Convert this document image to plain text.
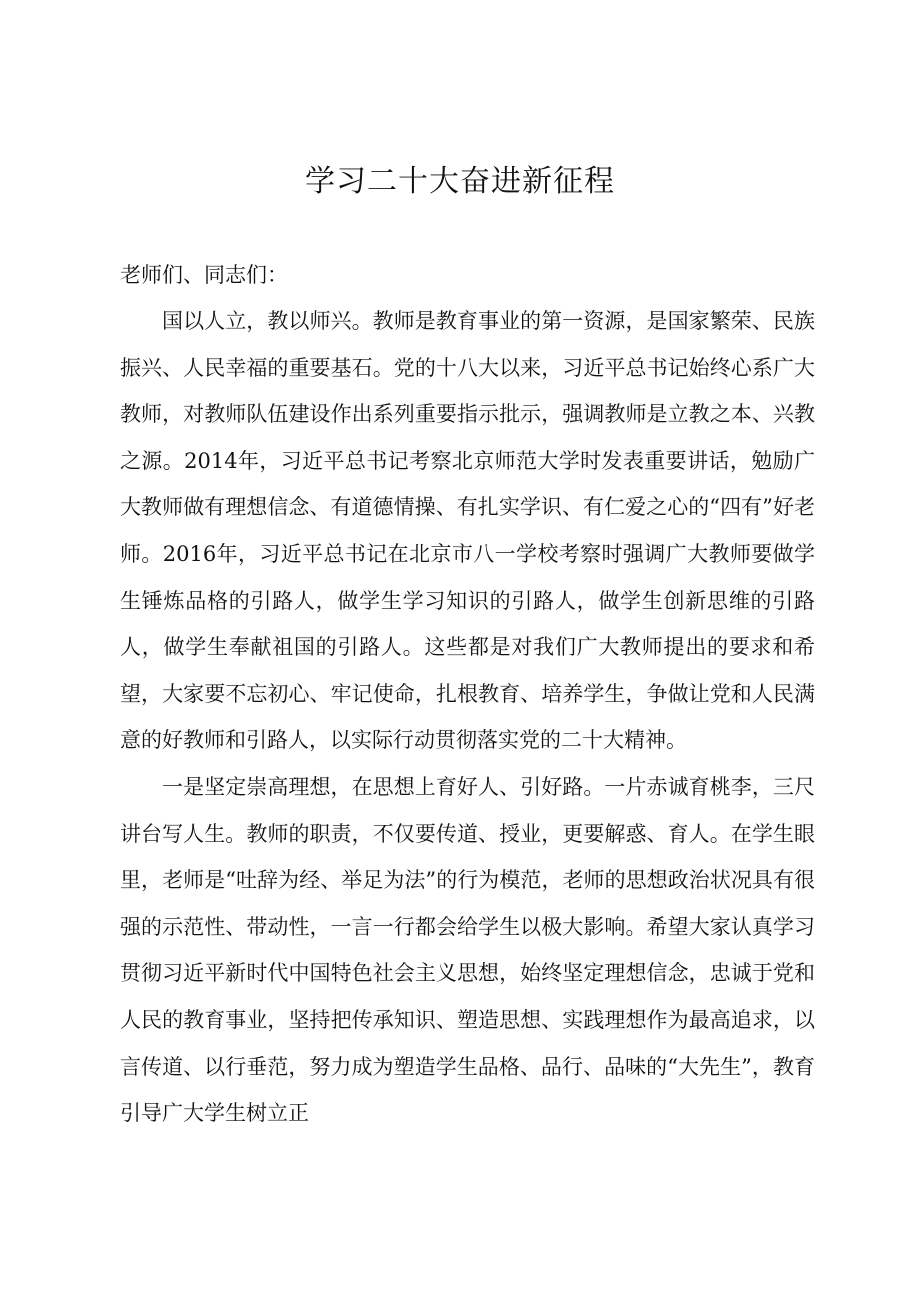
学习二十大奋进新征程

老师们、同志们：

国以人立，教以师兴。教师是教育事业的第一资源，是国家繁荣、民族振兴、人民幸福的重要基石。党的十八大以来，习近平总书记始终心系广大教师，对教师队伍建设作出系列重要指示批示，强调教师是立教之本、兴教之源。2014年，习近平总书记考察北京师范大学时发表重要讲话，勉励广大教师做有理想信念、有道德情操、有扎实学识、有仁爱之心的“四有”好老师。2016年，习近平总书记在北京市八一学校考察时强调广大教师要做学生锤炼品格的引路人，做学生学习知识的引路人，做学生创新思维的引路人，做学生奉献祖国的引路人。这些都是对我们广大教师提出的要求和希望，大家要不忘初心、牢记使命，扎根教育、培养学生，争做让党和人民满意的好教师和引路人，以实际行动贯彻落实党的二十大精神。

一是坚定崇高理想，在思想上育好人、引好路。一片赤诚育桃李，三尺讲台写人生。教师的职责，不仅要传道、授业，更要解惑、育人。在学生眼里，老师是“吐辞为经、举足为法”的行为模范，老师的思想政治状况具有很强的示范性、带动性，一言一行都会给学生以极大影响。希望大家认真学习贯彻习近平新时代中国特色社会主义思想，始终坚定理想信念，忠诚于党和人民的教育事业，坚持把传承知识、塑造思想、实践理想作为最高追求，以言传道、以行垂范，努力成为塑造学生品格、品行、品味的“大先生”，教育引导广大学生树立正
